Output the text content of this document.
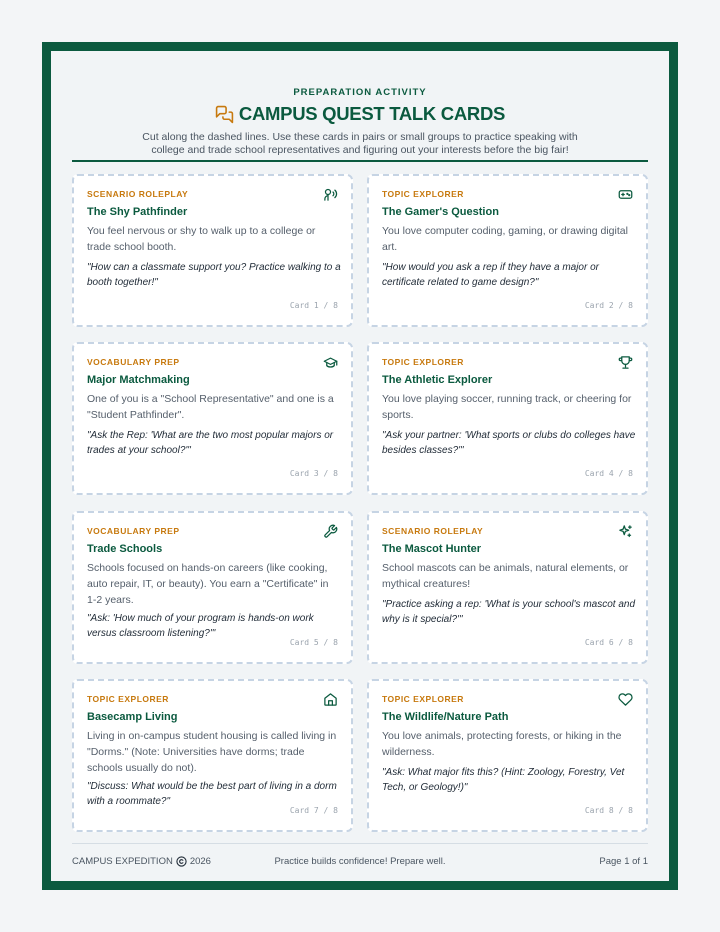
PREPARATION ACTIVITY
CAMPUS QUEST TALK CARDS

Cut along the dashed lines. Use these cards in pairs or small groups to practice speaking with college and trade school representatives and figuring out your interests before the big fair!

SCENARIO ROLEPLAY
The Shy Pathfinder
You feel nervous or shy to walk up to a college or trade school booth.
"How can a classmate support you? Practice walking to a booth together!"
Card 1 / 8
TOPIC EXPLORER
The Gamer's Question
You love computer coding, gaming, or drawing digital art.
"How would you ask a rep if they have a major or certificate related to game design?"
Card 2 / 8
VOCABULARY PREP
Major Matchmaking
One of you is a "School Representative" and one is a "Student Pathfinder".
"Ask the Rep: 'What are the two most popular majors or trades at your school?'"
Card 3 / 8
TOPIC EXPLORER
The Athletic Explorer
You love playing soccer, running track, or cheering for sports.
"Ask your partner: 'What sports or clubs do colleges have besides classes?'"
Card 4 / 8
VOCABULARY PREP
Trade Schools
Schools focused on hands-on careers (like cooking, auto repair, IT, or beauty). You earn a "Certificate" in 1-2 years.
"Ask: 'How much of your program is hands-on work versus classroom listening?'"
Card 5 / 8
SCENARIO ROLEPLAY
The Mascot Hunter
School mascots can be animals, natural elements, or mythical creatures!
"Practice asking a rep: 'What is your school's mascot and why is it special?'"
Card 6 / 8
TOPIC EXPLORER
Basecamp Living
Living in on-campus student housing is called living in "Dorms." (Note: Universities have dorms; trade schools usually do not).
"Discuss: What would be the best part of living in a dorm with a roommate?"
Card 7 / 8
TOPIC EXPLORER
The Wildlife/Nature Path
You love animals, protecting forests, or hiking in the wilderness.
"Ask: What major fits this? (Hint: Zoology, Forestry, Vet Tech, or Geology!)"
Card 8 / 8
Practice builds confidence! Prepare well.
CAMPUS EXPEDITION 2026	Page 1 of 1
